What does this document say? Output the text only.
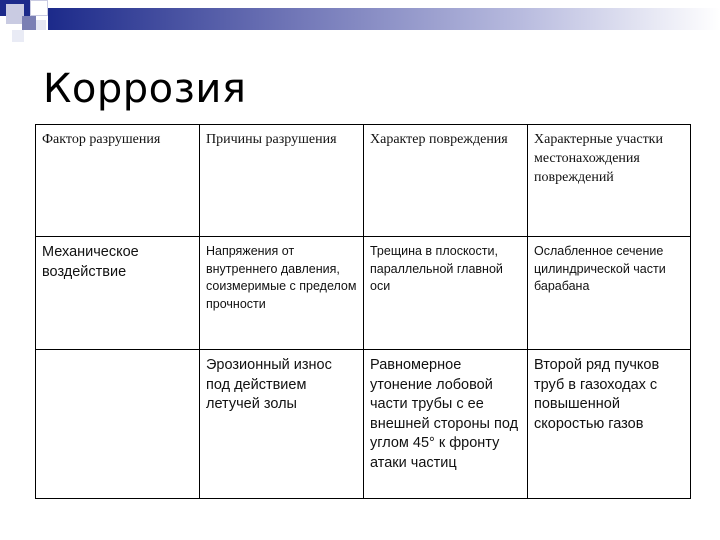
Коррозия
Фактор разрушения	Причины разрушения	Характер повреждения	Характерные участки местонахождения повреждений
Механическое воздействие	Напряжения от внутреннего давления, соизмеримые с пределом прочности	Трещина в плоскости, параллельной главной оси	Ослабленное сечение цилиндрической части барабана
	Эрозионный износ под действием летучей золы	Равномерное утонение лобовой части трубы с ее внешней стороны под углом 45° к фронту атаки частиц	Второй ряд пучков труб в газоходах с повышенной скоростью газов
